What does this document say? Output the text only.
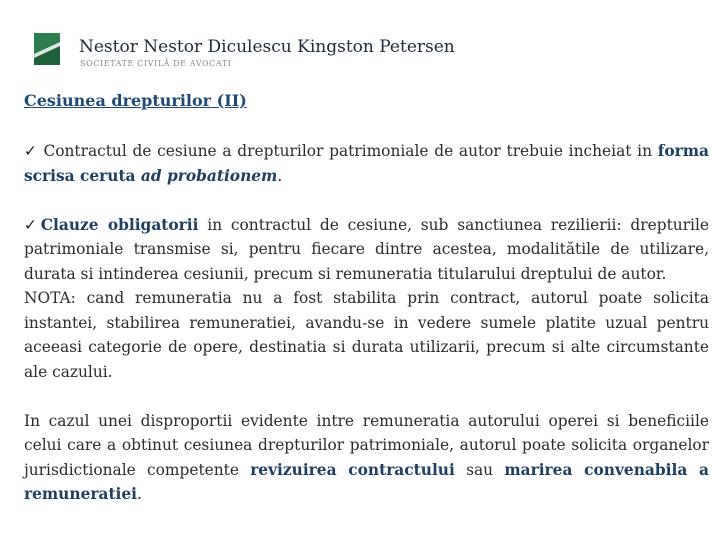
Nestor Nestor Diculescu Kingston Petersen
SOCIETATE CIVILĂ DE AVOCAȚI
Cesiunea drepturilor (II)

✓ Contractul de cesiune a drepturilor patrimoniale de autor trebuie incheiat in forma scrisa ceruta ad probationem.

✓Clauze obligatorii in contractul de cesiune, sub sanctiunea rezilierii: drepturile patrimoniale transmise si, pentru fiecare dintre acestea, modalitătile de utilizare, durata si intinderea cesiunii, precum si remuneratia titularului dreptului de autor.

NOTA: cand remuneratia nu a fost stabilita prin contract, autorul poate solicita instantei, stabilirea remuneratiei, avandu-se in vedere sumele platite uzual pentru aceeasi categorie de opere, destinatia si durata utilizarii, precum si alte circumstante ale cazului.

In cazul unei disproportii evidente intre remuneratia autorului operei si beneficiile celui care a obtinut cesiunea drepturilor patrimoniale, autorul poate solicita organelor jurisdictionale competente revizuirea contractului sau marirea convenabila a remuneratiei.
